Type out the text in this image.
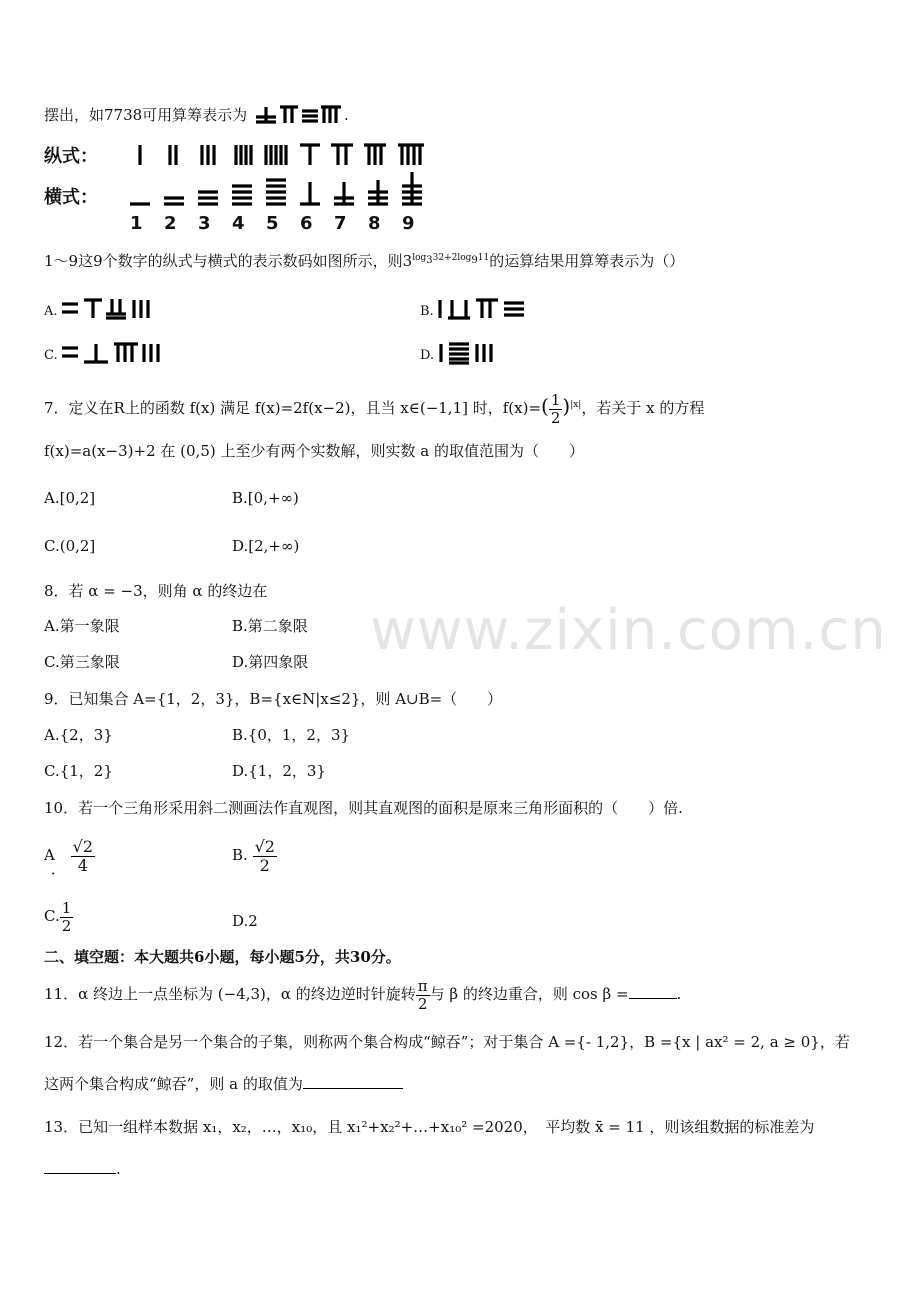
摆出，如7738可用算筹表示为	.
纵式：
横式：
1 2 3 4 5 6 7 8 9
1～9这9个数字的纵式与横式的表示数码如图所示，则$3^{log332+2log911}$的运算结果用算筹表示为（）
A.	B.
C.	D.
7．定义在R上的函数 f(x) 满足 f(x)=2f(x−2)，且当 x∈(−1,1] 时，$f(x)=( \frac{1}{2} )^{|x|}$，若关于 x 的方程
f(x)=a(x−3)+2 在 (0,5) 上至少有两个实数解，则实数 a 的取值范围为（　　）
A.[0,2]	B.[0,+∞)
C.(0,2]	D.[2,+∞)
8．若 α = −3，则角 α 的终边在
A.第一象限	B.第二象限
C.第三象限	D.第四象限 www.zixin.com.cn
9．已知集合 A={1，2，3}，B={x∈N|x≤2}，则 A∪B=（　　）
A.{2，3}	B.{0，1，2，3}
C.{1，2}	D.{1，2，3}
10．若一个三角形采用斜二测画法作直观图，则其直观图的面积是原来三角形面积的（　　）倍.
A． $\frac{√2}{4}$	B. $\frac{√2}{2}$
C. $\frac{1}{2}$	D.2
二、填空题：本大题共6小题，每小题5分，共30分。
11．α 终边上一点坐标为 (−4,3)，α 的终边逆时针旋转 $\frac{\pi}{2}$ 与 β 的终边重合，则 cos β =	.
12．若一个集合是另一个集合的子集，则称两个集合构成“鲸吞”；对于集合 A ={- 1,2}，B ={x | ax² = 2, a ≥ 0}，若
这两个集合构成“鲸吞”，则 a 的取值为
13．已知一组样本数据 x₁，x₂，…，x₁₀，且 x₁²+x₂²+…+x₁₀² =2020，　平均数 x̄ = 11 ，则该组数据的标准差为
.
